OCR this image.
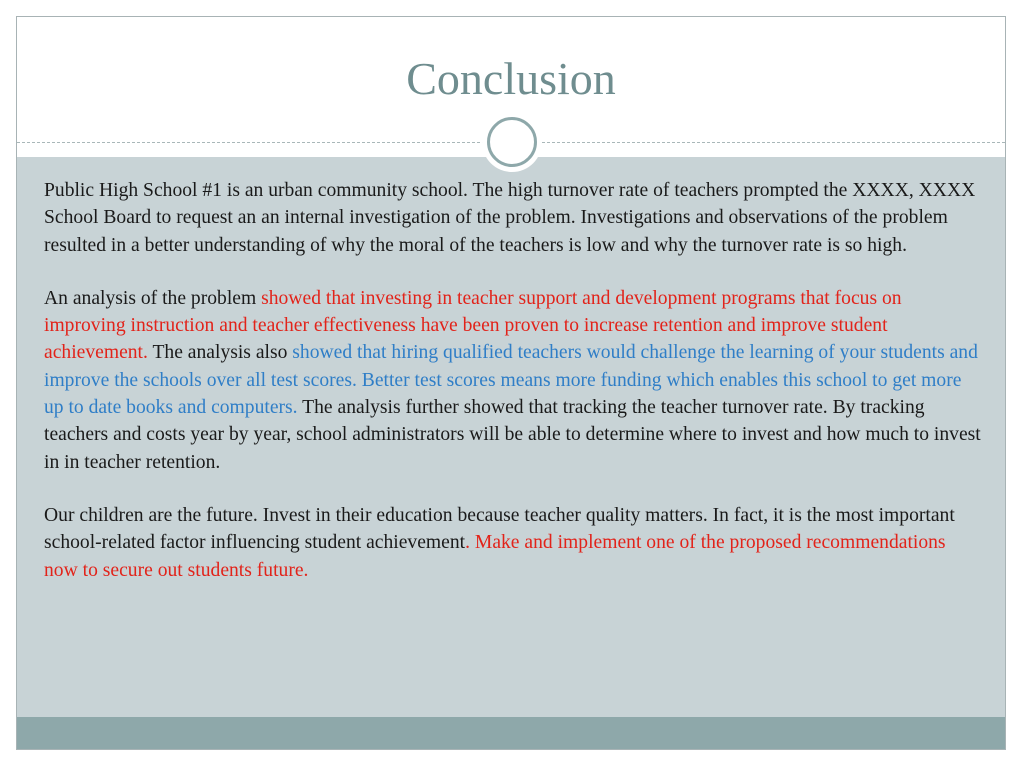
Conclusion

Public High School #1 is an urban community school. The high turnover rate of teachers prompted the XXXX, XXXX School Board to request an an internal investigation of the problem. Investigations and observations of the problem resulted in a better understanding of why the moral of the teachers is low and why the turnover rate is so high.

An analysis of the problem showed that investing in teacher support and development programs that focus on improving instruction and teacher effectiveness have been proven to increase retention and improve student achievement. The analysis also showed that hiring qualified teachers would challenge the learning of your students and improve the schools over all test scores. Better test scores means more funding which enables this school to get more up to date books and computers. The analysis further showed that tracking the teacher turnover rate. By tracking teachers and costs year by year, school administrators will be able to determine where to invest and how much to invest in in teacher retention.

Our children are the future. Invest in their education because teacher quality matters. In fact, it is the most important school-related factor influencing student achievement. Make and implement one of the proposed recommendations now to secure out students future.
